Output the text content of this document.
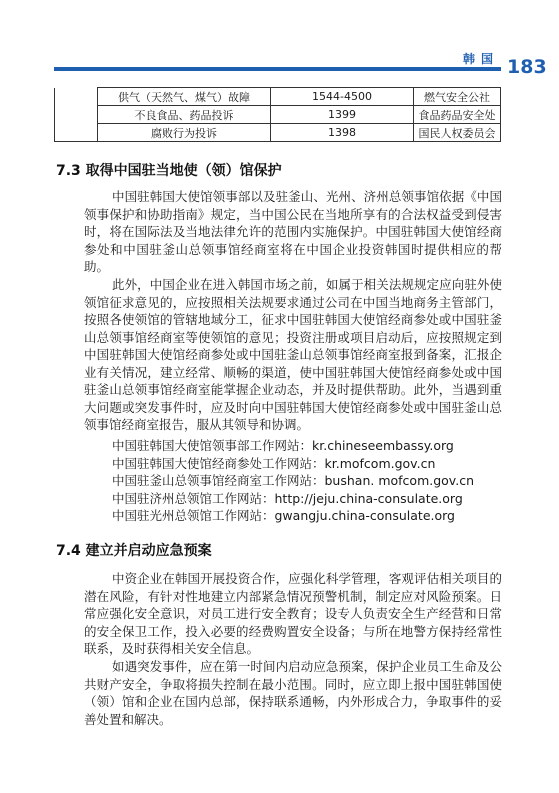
韩国 183
	供气（天然气、煤气）故障	1544-4500	燃气安全公社
	不良食品、药品投诉	1399	食品药品安全处
	腐败行为投诉	1398	国民人权委员会
7.3 取得中国驻当地使（领）馆保护

中国驻韩国大使馆领事部以及驻釜山、光州、济州总领事馆依据《中国领事保护和协助指南》规定，当中国公民在当地所享有的合法权益受到侵害时，将在国际法及当地法律允许的范围内实施保护。中国驻韩国大使馆经商参处和中国驻釜山总领事馆经商室将在中国企业投资韩国时提供相应的帮助。

此外，中国企业在进入韩国市场之前，如属于相关法规规定应向驻外使领馆征求意见的，应按照相关法规要求通过公司在中国当地商务主管部门，按照各使领馆的管辖地域分工，征求中国驻韩国大使馆经商参处或中国驻釜山总领事馆经商室等使领馆的意见；投资注册或项目启动后，应按照规定到中国驻韩国大使馆经商参处或中国驻釜山总领事馆经商室报到备案，汇报企业有关情况，建立经常、顺畅的渠道，使中国驻韩国大使馆经商参处或中国驻釜山总领事馆经商室能掌握企业动态，并及时提供帮助。此外，当遇到重大问题或突发事件时，应及时向中国驻韩国大使馆经商参处或中国驻釜山总领事馆经商室报告，服从其领导和协调。

中国驻韩国大使馆领事部工作网站：kr.chineseembassy.org
中国驻韩国大使馆经商参处工作网站：kr.mofcom.gov.cn
中国驻釜山总领事馆经商室工作网站：bushan. mofcom.gov.cn
中国驻济州总领馆工作网站：http://jeju.china-consulate.org
中国驻光州总领馆工作网站：gwangju.china-consulate.org
7.4 建立并启动应急预案

中资企业在韩国开展投资合作，应强化科学管理，客观评估相关项目的潜在风险，有针对性地建立内部紧急情况预警机制，制定应对风险预案。日常应强化安全意识，对员工进行安全教育；设专人负责安全生产经营和日常的安全保卫工作，投入必要的经费购置安全设备；与所在地警方保持经常性联系，及时获得相关安全信息。

如遇突发事件，应在第一时间内启动应急预案，保护企业员工生命及公共财产安全，争取将损失控制在最小范围。同时，应立即上报中国驻韩国使（领）馆和企业在国内总部，保持联系通畅，内外形成合力，争取事件的妥善处置和解决。
